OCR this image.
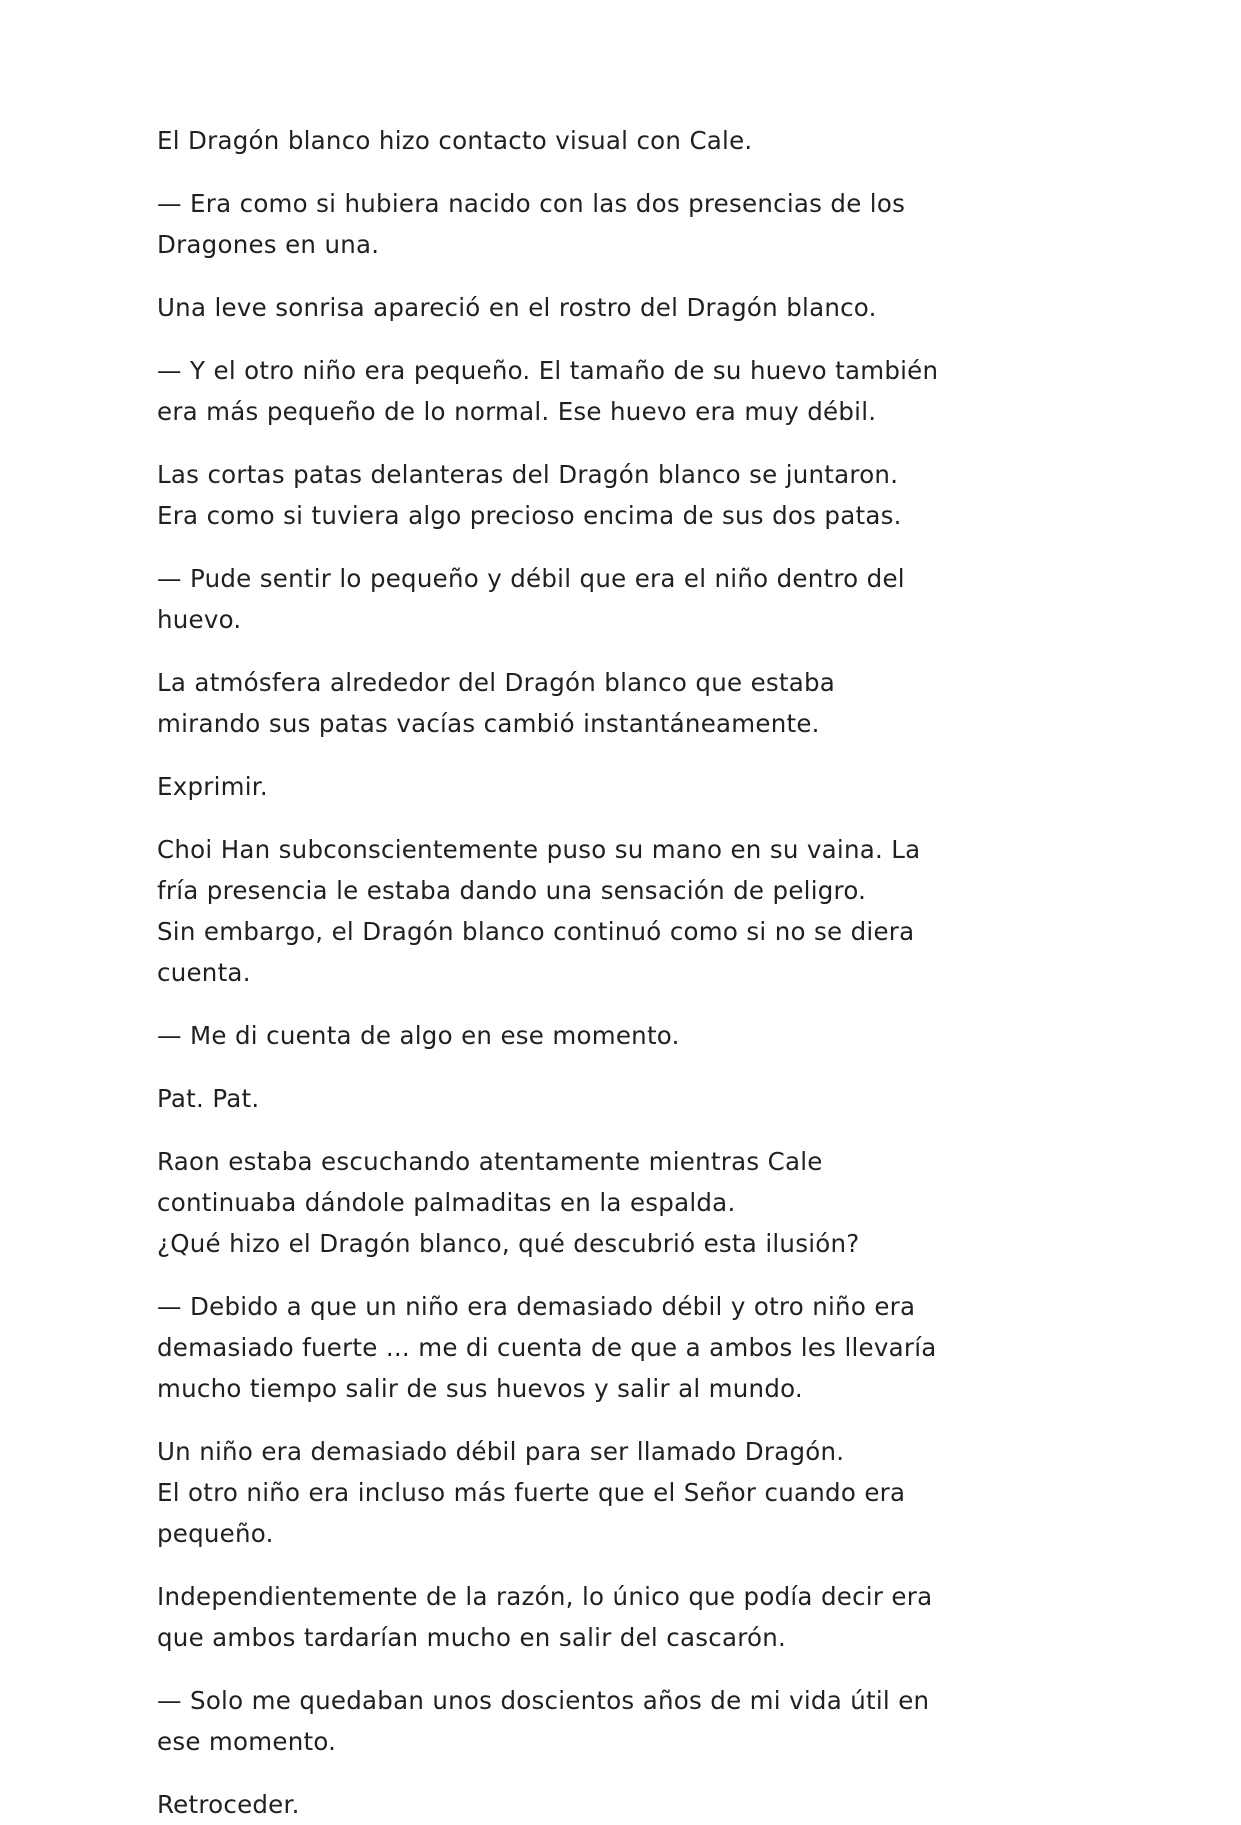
El Dragón blanco hizo contacto visual con Cale.

— Era como si hubiera nacido con las dos presencias de los Dragones en una.

Una leve sonrisa apareció en el rostro del Dragón blanco.

— Y el otro niño era pequeño. El tamaño de su huevo también era más pequeño de lo normal. Ese huevo era muy débil.

Las cortas patas delanteras del Dragón blanco se juntaron. Era como si tuviera algo precioso encima de sus dos patas.

— Pude sentir lo pequeño y débil que era el niño dentro del huevo.

La atmósfera alrededor del Dragón blanco que estaba mirando sus patas vacías cambió instantáneamente.

Exprimir.

Choi Han subconscientemente puso su mano en su vaina. La fría presencia le estaba dando una sensación de peligro.
Sin embargo, el Dragón blanco continuó como si no se diera cuenta.

— Me di cuenta de algo en ese momento.

Pat. Pat.

Raon estaba escuchando atentamente mientras Cale continuaba dándole palmaditas en la espalda.
¿Qué hizo el Dragón blanco, qué descubrió esta ilusión?

— Debido a que un niño era demasiado débil y otro niño era demasiado fuerte ... me di cuenta de que a ambos les llevaría mucho tiempo salir de sus huevos y salir al mundo.

Un niño era demasiado débil para ser llamado Dragón.
El otro niño era incluso más fuerte que el Señor cuando era pequeño.

Independientemente de la razón, lo único que podía decir era que ambos tardarían mucho en salir del cascarón.

— Solo me quedaban unos doscientos años de mi vida útil en ese momento.

Retroceder.
